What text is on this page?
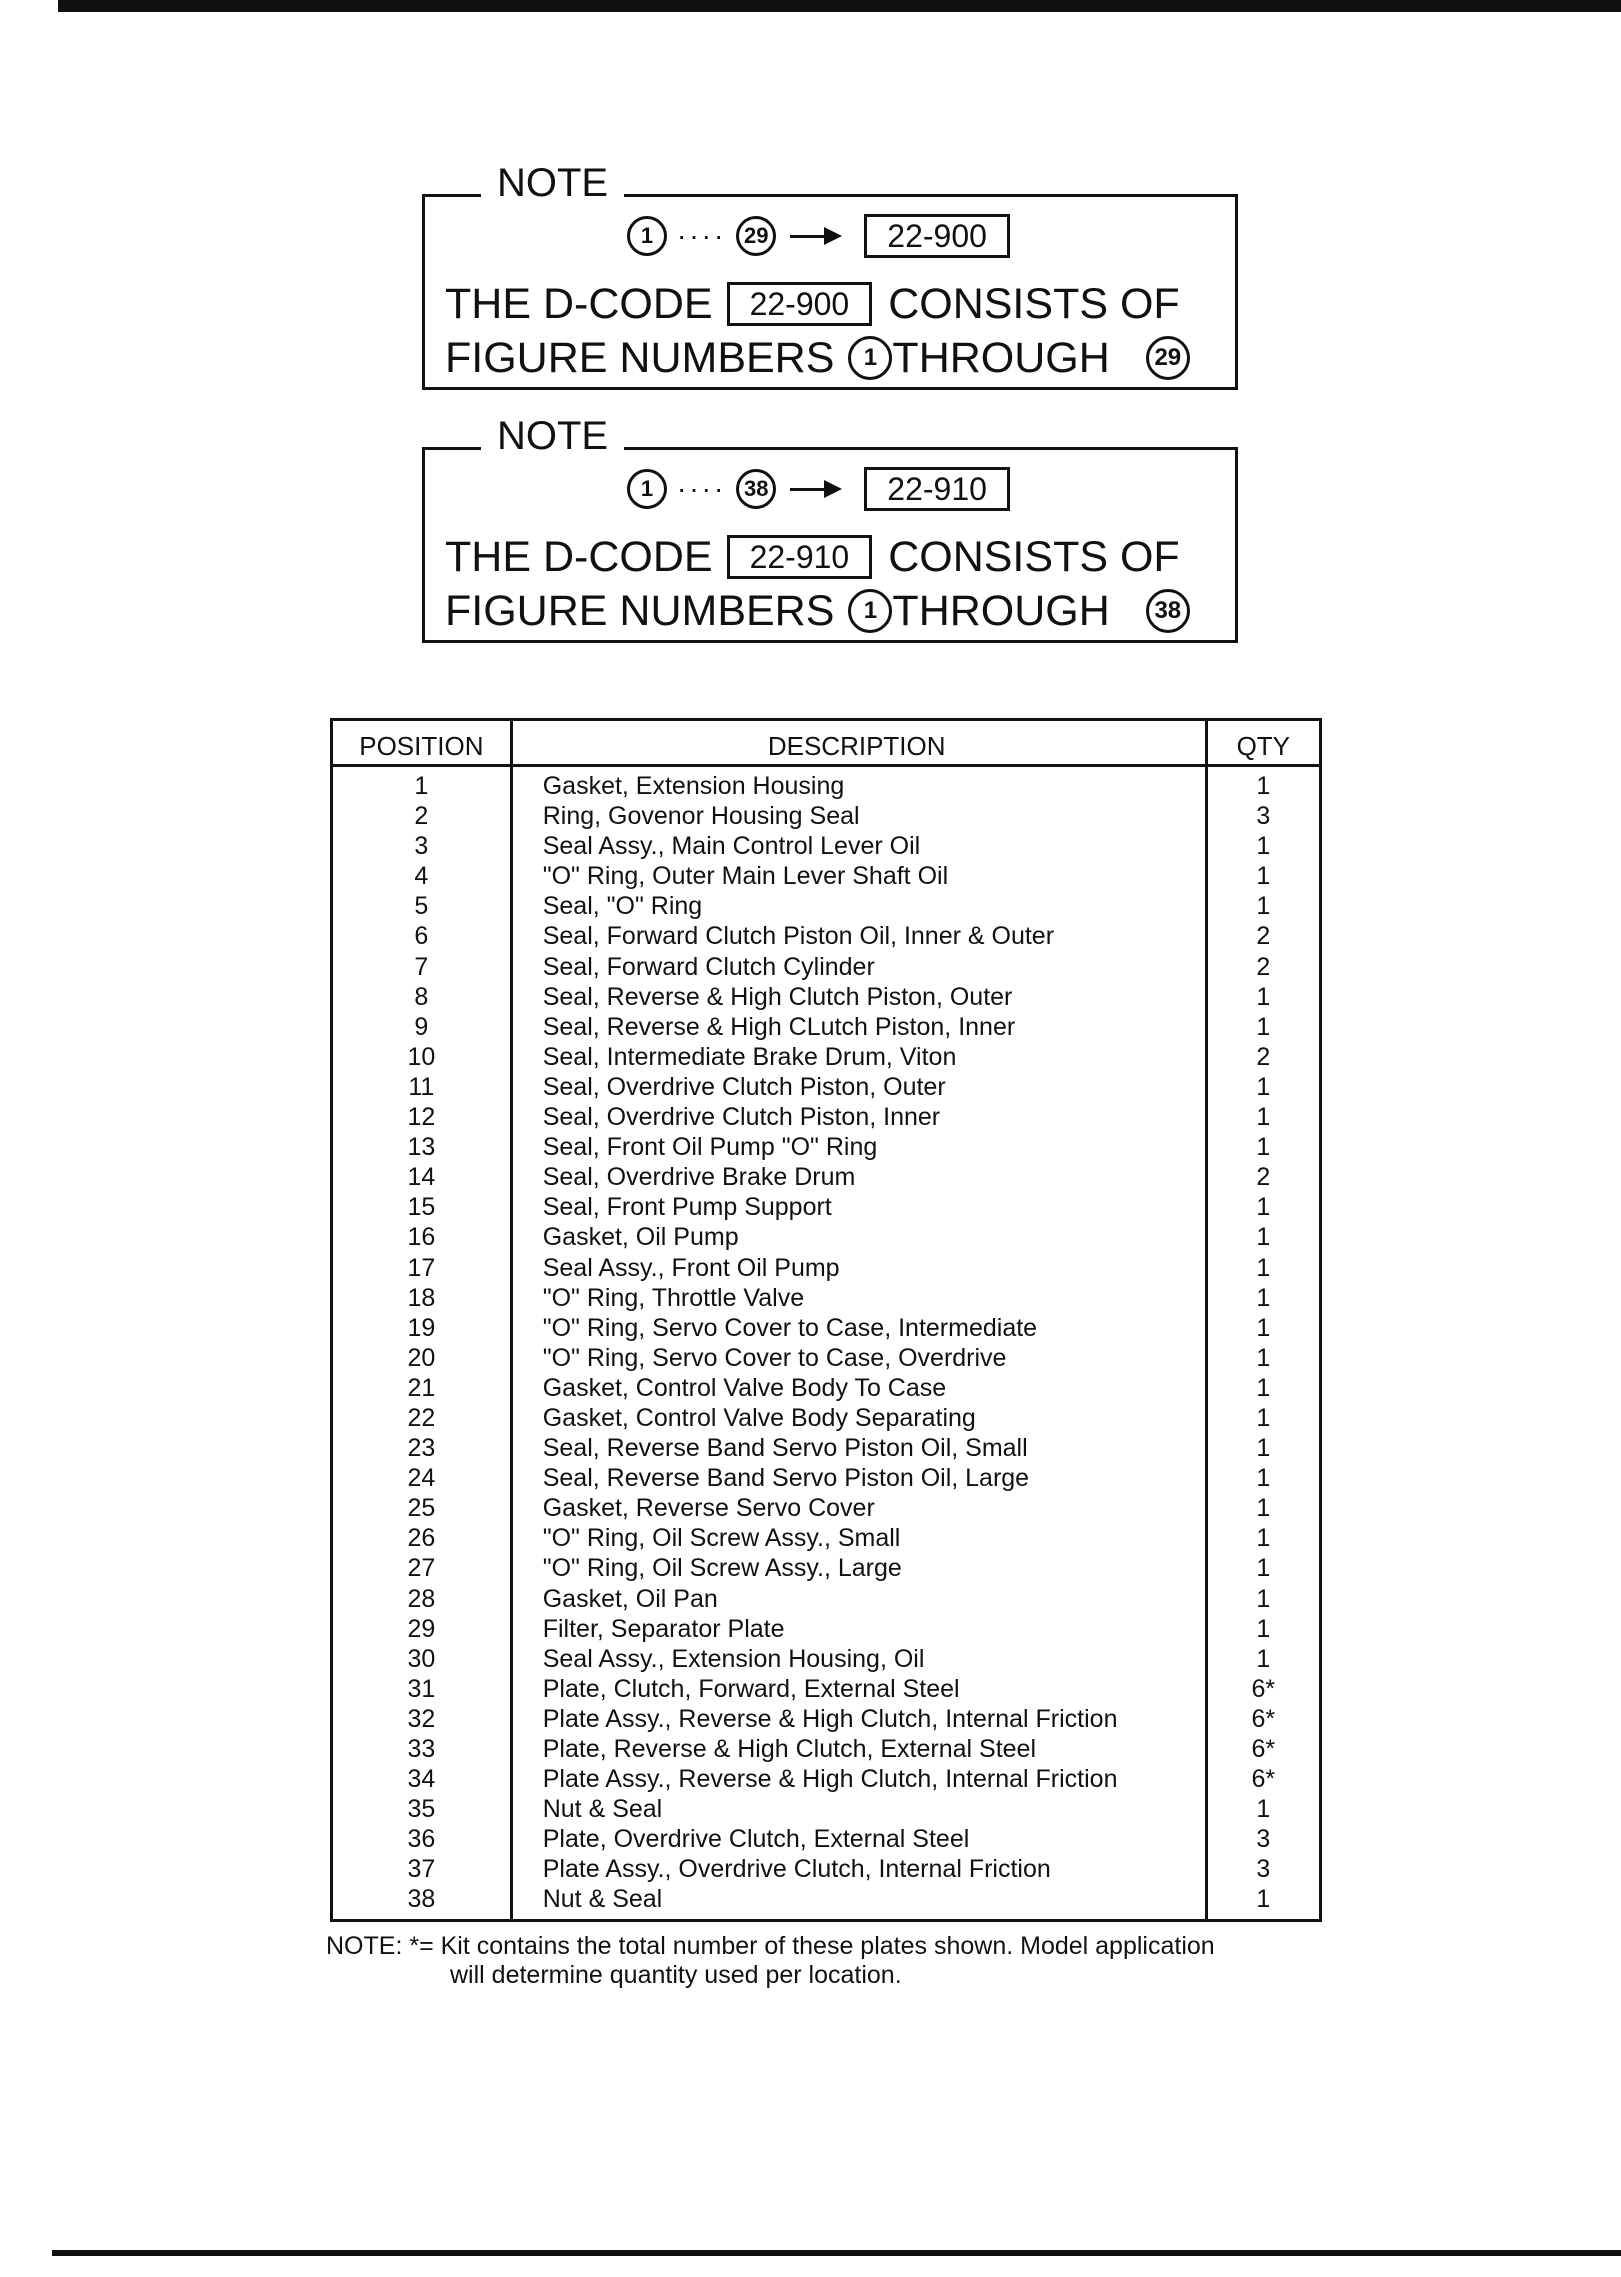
NOTE
1 ···· 29	22-900
THE D-CODE	22-900 CONSISTS OF
FIGURE NUMBERS	1 THROUGH	29
NOTE
1 ···· 38	22-910
THE D-CODE	22-910 CONSISTS OF
FIGURE NUMBERS	1 THROUGH	38
POSITION	DESCRIPTION	QTY
1	Gasket, Extension Housing	1
2	Ring, Govenor Housing Seal	3
3	Seal Assy., Main Control Lever Oil	1
4	"O" Ring, Outer Main Lever Shaft Oil	1
5	Seal, "O" Ring	1
6	Seal, Forward Clutch Piston Oil, Inner & Outer	2
7	Seal, Forward Clutch Cylinder	2
8	Seal, Reverse & High Clutch Piston, Outer	1
9	Seal, Reverse & High CLutch Piston, Inner	1
10	Seal, Intermediate Brake Drum, Viton	2
11	Seal, Overdrive Clutch Piston, Outer	1
12	Seal, Overdrive Clutch Piston, Inner	1
13	Seal, Front Oil Pump "O" Ring	1
14	Seal, Overdrive Brake Drum	2
15	Seal, Front Pump Support	1
16	Gasket, Oil Pump	1
17	Seal Assy., Front Oil Pump	1
18	"O" Ring, Throttle Valve	1
19	"O" Ring, Servo Cover to Case, Intermediate	1
20	"O" Ring, Servo Cover to Case, Overdrive	1
21	Gasket, Control Valve Body To Case	1
22	Gasket, Control Valve Body Separating	1
23	Seal, Reverse Band Servo Piston Oil, Small	1
24	Seal, Reverse Band Servo Piston Oil, Large	1
25	Gasket, Reverse Servo Cover	1
26	"O" Ring, Oil Screw Assy., Small	1
27	"O" Ring, Oil Screw Assy., Large	1
28	Gasket, Oil Pan	1
29	Filter, Separator Plate	1
30	Seal Assy., Extension Housing, Oil	1
31	Plate, Clutch, Forward, External Steel	6*
32	Plate Assy., Reverse & High Clutch, Internal Friction	6*
33	Plate, Reverse & High Clutch, External Steel	6*
34	Plate Assy., Reverse & High Clutch, Internal Friction	6*
35	Nut & Seal	1
36	Plate, Overdrive Clutch, External Steel	3
37	Plate Assy., Overdrive Clutch, Internal Friction	3
38	Nut & Seal	1
NOTE: *= Kit contains the total number of these plates shown. Model application
will determine quantity used per location.
